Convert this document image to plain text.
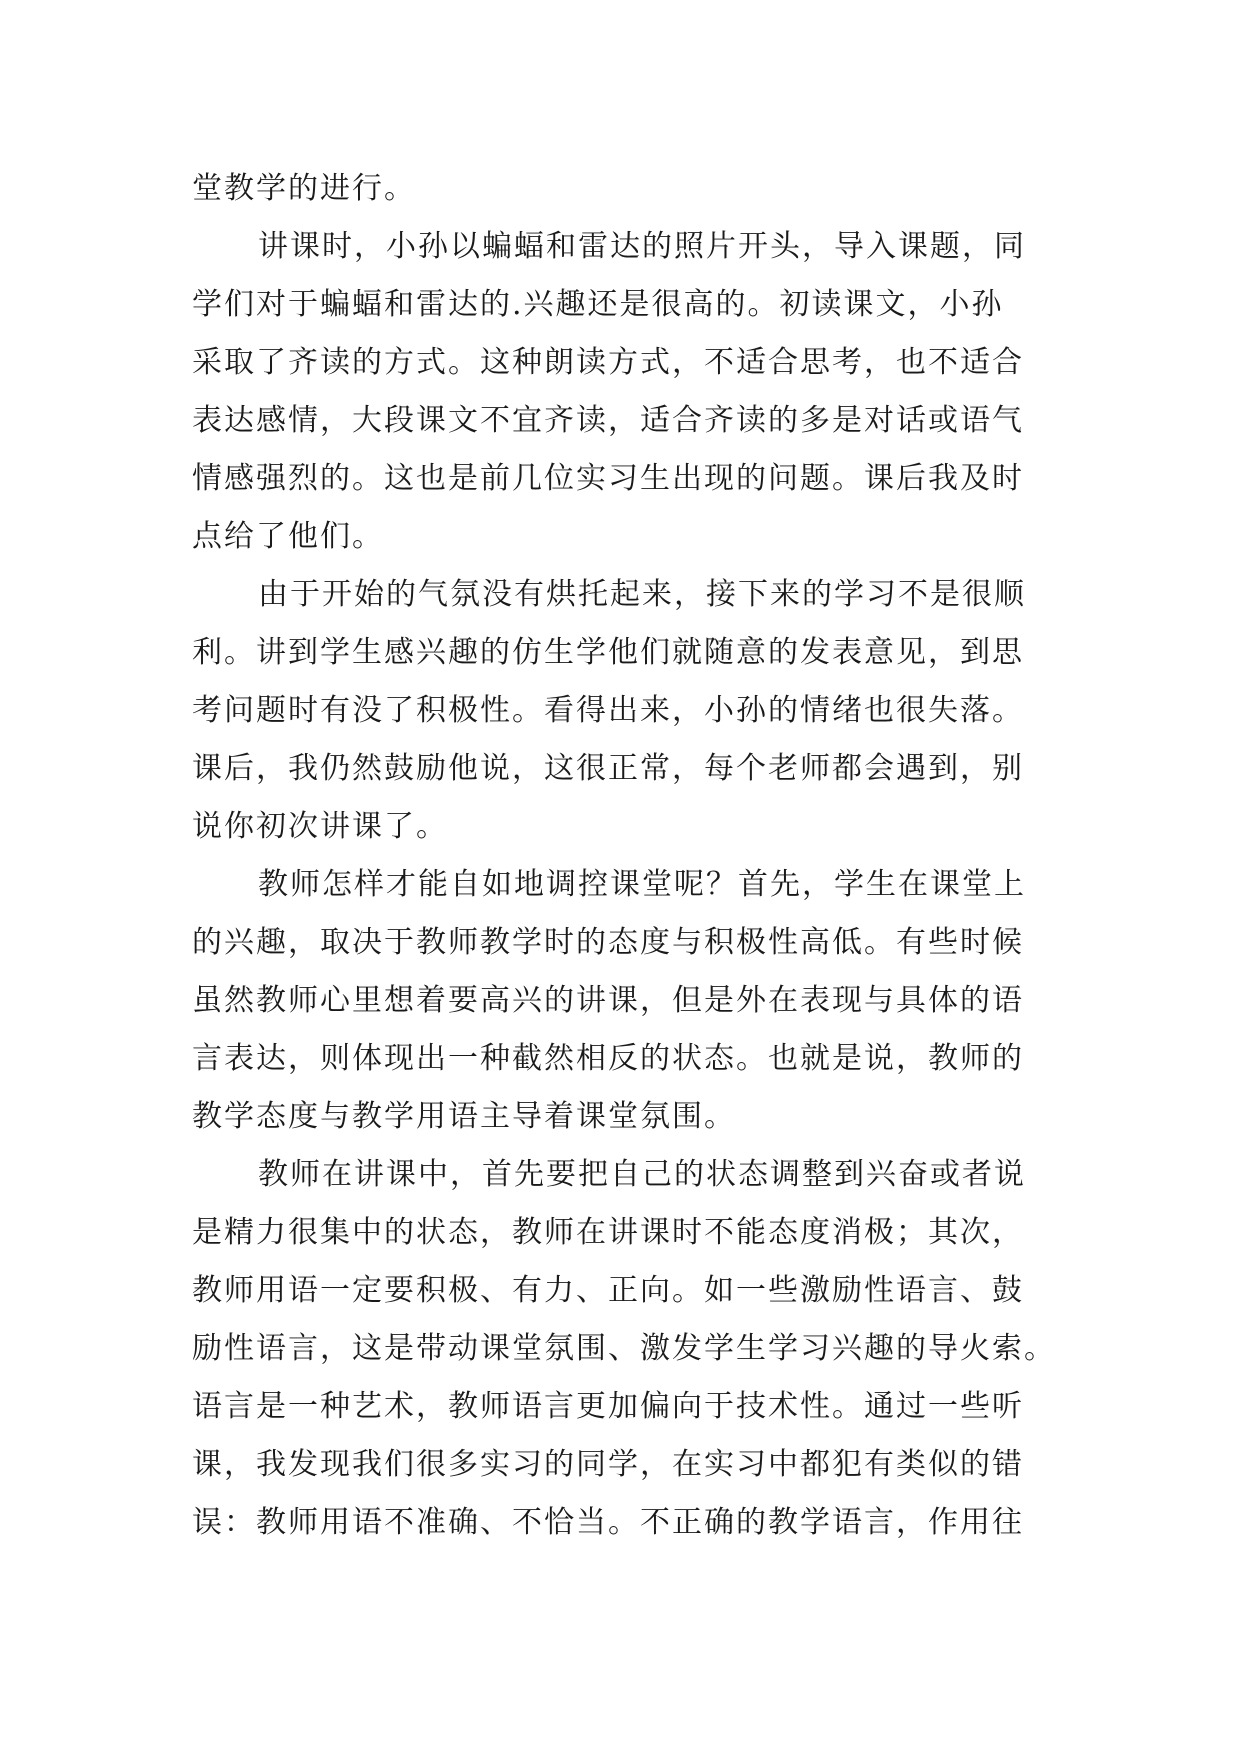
堂教学的进行。
讲课时，小孙以蝙蝠和雷达的照片开头，导入课题，同
学们对于蝙蝠和雷达的.兴趣还是很高的。初读课文，小孙
采取了齐读的方式。这种朗读方式，不适合思考，也不适合
表达感情，大段课文不宜齐读，适合齐读的多是对话或语气
情感强烈的。这也是前几位实习生出现的问题。课后我及时
点给了他们。
由于开始的气氛没有烘托起来，接下来的学习不是很顺
利。讲到学生感兴趣的仿生学他们就随意的发表意见，到思
考问题时有没了积极性。看得出来，小孙的情绪也很失落。
课后，我仍然鼓励他说，这很正常，每个老师都会遇到，别
说你初次讲课了。
教师怎样才能自如地调控课堂呢？首先，学生在课堂上
的兴趣，取决于教师教学时的态度与积极性高低。有些时候
虽然教师心里想着要高兴的讲课，但是外在表现与具体的语
言表达，则体现出一种截然相反的状态。也就是说，教师的
教学态度与教学用语主导着课堂氛围。
教师在讲课中，首先要把自己的状态调整到兴奋或者说
是精力很集中的状态，教师在讲课时不能态度消极；其次，
教师用语一定要积极、有力、正向。如一些激励性语言、鼓
励性语言，这是带动课堂氛围、激发学生学习兴趣的导火索。
语言是一种艺术，教师语言更加偏向于技术性。通过一些听
课，我发现我们很多实习的同学，在实习中都犯有类似的错
误：教师用语不准确、不恰当。不正确的教学语言，作用往
